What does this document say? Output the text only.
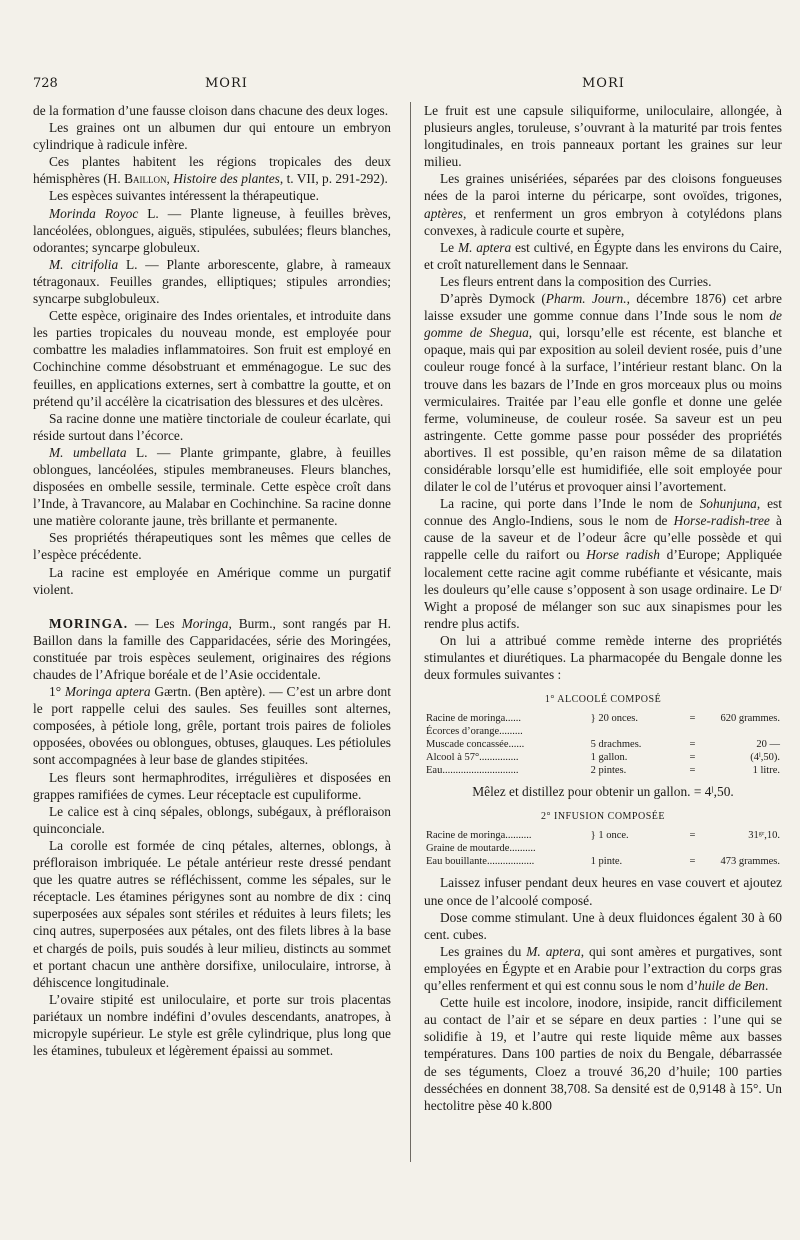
728	MORI	MORI

de la formation d’une fausse cloison dans chacune des deux loges.

Les graines ont un albumen dur qui entoure un embryon cylindrique à radicule infère.

Ces plantes habitent les régions tropicales des deux hémisphères (H. Baillon, Histoire des plantes, t. VII, p. 291-292).

Les espèces suivantes intéressent la thérapeutique.

Morinda Royoc L. — Plante ligneuse, à feuilles brèves, lancéolées, oblongues, aiguës, stipulées, subulées; fleurs blanches, odorantes; syncarpe globuleux.

M. citrifolia L. — Plante arborescente, glabre, à rameaux tétragonaux. Feuilles grandes, elliptiques; stipules arrondies; syncarpe subglobuleux.

Cette espèce, originaire des Indes orientales, et introduite dans les parties tropicales du nouveau monde, est employée pour combattre les maladies inflammatoires. Son fruit est employé en Cochinchine comme désobstruant et emménagogue. Le suc des feuilles, en applications externes, sert à combattre la goutte, et on prétend qu’il accélère la cicatrisation des blessures et des ulcères.

Sa racine donne une matière tinctoriale de couleur écarlate, qui réside surtout dans l’écorce.

M. umbellata L. — Plante grimpante, glabre, à feuilles oblongues, lancéolées, stipules membraneuses. Fleurs blanches, disposées en ombelle sessile, terminale. Cette espèce croît dans l’Inde, à Travancore, au Malabar en Cochinchine. Sa racine donne une matière colorante jaune, très brillante et permanente.

Ses propriétés thérapeutiques sont les mêmes que celles de l’espèce précédente.

La racine est employée en Amérique comme un purgatif violent.

MORINGA. — Les Moringa, Burm., sont rangés par H. Baillon dans la famille des Capparidacées, série des Moringées, constituée par trois espèces seulement, originaires des régions chaudes de l’Afrique boréale et de l’Asie occidentale.

1° Moringa aptera Gærtn. (Ben aptère). — C’est un arbre dont le port rappelle celui des saules. Ses feuilles sont alternes, composées, à pétiole long, grêle, portant trois paires de folioles opposées, obovées ou oblongues, obtuses, glauques. Les pétiolules sont accompagnées à leur base de glandes stipitées.

Les fleurs sont hermaphrodites, irrégulières et disposées en grappes ramifiées de cymes. Leur réceptacle est cupuliforme.

Le calice est à cinq sépales, oblongs, subégaux, à préfloraison quinconciale.

La corolle est formée de cinq pétales, alternes, oblongs, à préfloraison imbriquée. Le pétale antérieur reste dressé pendant que les quatre autres se réfléchissent, comme les sépales, sur le réceptacle. Les étamines périgynes sont au nombre de dix : cinq superposées aux sépales sont stériles et réduites à leurs filets; les cinq autres, superposées aux pétales, ont des filets libres à la base et chargés de poils, puis soudés à leur milieu, distincts au sommet et portant chacun une anthère dorsifixe, uniloculaire, introrse, à déhiscence longitudinale.

L’ovaire stipité est uniloculaire, et porte sur trois placentas pariétaux un nombre indéfini d’ovules descendants, anatropes, à micropyle supérieur. Le style est grêle cylindrique, plus long que les étamines, tubuleux et légèrement épaissi au sommet.

Le fruit est une capsule siliquiforme, uniloculaire, allongée, à plusieurs angles, toruleuse, s’ouvrant à la maturité par trois fentes longitudinales, en trois panneaux portant les graines sur leur milieu.

Les graines unisériées, séparées par des cloisons fongueuses nées de la paroi interne du péricarpe, sont ovoïdes, trigones, aptères, et renferment un gros embryon à cotylédons plans convexes, à radicule courte et supère,

Le M. aptera est cultivé, en Égypte dans les environs du Caire, et croît naturellement dans le Sennaar.

Les fleurs entrent dans la composition des Curries.

D’après Dymock (Pharm. Journ., décembre 1876) cet arbre laisse exsuder une gomme connue dans l’Inde sous le nom de gomme de Shegua, qui, lorsqu’elle est récente, est blanche et opaque, mais qui par exposition au soleil devient rosée, puis d’une couleur rouge foncé à la surface, l’intérieur restant blanc. On la trouve dans les bazars de l’Inde en gros morceaux plus ou moins vermiculaires. Traitée par l’eau elle gonfle et donne une gelée ferme, volumineuse, de couleur rosée. Sa saveur est un peu astringente. Cette gomme passe pour posséder des propriétés abortives. Il est possible, qu’en raison même de sa dilatation considérable lorsqu’elle est humidifiée, elle soit employée pour dilater le col de l’utérus et provoquer ainsi l’avortement.

La racine, qui porte dans l’Inde le nom de Sohunjuna, est connue des Anglo-Indiens, sous le nom de Horse-radish-tree à cause de la saveur et de l’odeur âcre qu’elle possède et qui rappelle celle du raifort ou Horse radish d’Europe; Appliquée localement cette racine agit comme rubéfiante et vésicante, mais les douleurs qu’elle cause s’opposent à son usage ordinaire. Le Dʳ Wight a proposé de mélanger son suc aux sinapismes pour les rendre plus actifs.

On lui a attribué comme remède interne des propriétés stimulantes et diurétiques. La pharmacopée du Bengale donne les deux formules suivantes :

1° ALCOOLÉ COMPOSÉ
Racine de moringa......	} 20 onces.	=	620 grammes.
Écorces d’orange.........			
Muscade concassée......	5 drachmes.	=	20 —
Alcool à 57°...............	1 gallon.	=	(4ˡ,50).
Eau.............................	2 pintes.	=	1 litre.
Mêlez et distillez pour obtenir un gallon. = 4ˡ,50.
2° INFUSION COMPOSÉE
Racine de moringa..........	} 1 once.	=	31ᵍʳ,10.
Graine de moutarde..........			
Eau bouillante..................	1 pinte.	=	473 grammes.

Laissez infuser pendant deux heures en vase couvert et ajoutez une once de l’alcoolé composé.

Dose comme stimulant. Une à deux fluidonces égalent 30 à 60 cent. cubes.

Les graines du M. aptera, qui sont amères et purgatives, sont employées en Égypte et en Arabie pour l’extraction du corps gras qu’elles renferment et qui est connu sous le nom d’huile de Ben.

Cette huile est incolore, inodore, insipide, rancit difficilement au contact de l’air et se sépare en deux parties : l’une qui se solidifie à 19, et l’autre qui reste liquide même aux basses températures. Dans 100 parties de noix du Bengale, débarrassée de ses téguments, Cloez a trouvé 36,20 d’huile; 100 parties desséchées en donnent 38,708. Sa densité est de 0,9148 à 15°. Un hectolitre pèse 40 k.800
